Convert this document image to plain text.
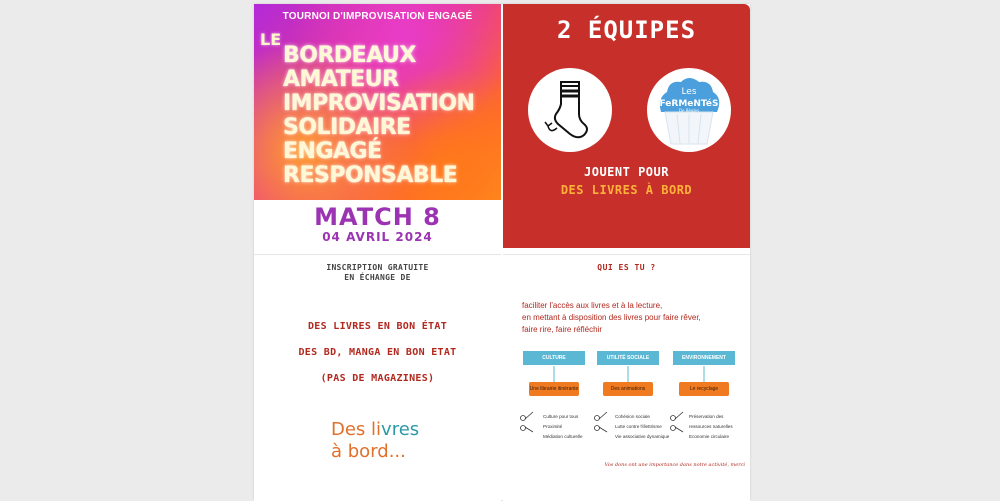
TOURNOI D'IMPROVISATION ENGAGÉ
LE
BORDEAUX
AMATEUR
IMPROVISATION
SOLIDAIRE
ENGAGÉ
RESPONSABLE
MATCH 8
04 AVRIL 2024
2 ÉQUIPES
Les
FeRMeNTéS
De Bègles
JOUENT POUR
DES LIVRES À BORD
INSCRIPTION GRATUITE
EN ÉCHANGE DE
DES LIVRES EN BON ÉTAT
DES BD, MANGA EN BON ETAT
(PAS DE MAGAZINES)
Des livres
à bord...
QUI ES TU ?
faciliter l'accès aux livres et à la lecture,
en mettant à disposition des livres pour faire rêver,
faire rire, faire réfléchir
CULTURE	UTILITÉ SOCIALE	ENVIRONNEMENT
Une librairie itinérante	Des animations	Le recyclage
Culture pour tous
Proximité
Médiation culturelle
Cohésion sociale
Lutte contre l'illettrisme
Vie associative dynamique
Préservation des
ressources naturelles
Economie circulaire
Vos dons ont une importance dans notre activité, merci
